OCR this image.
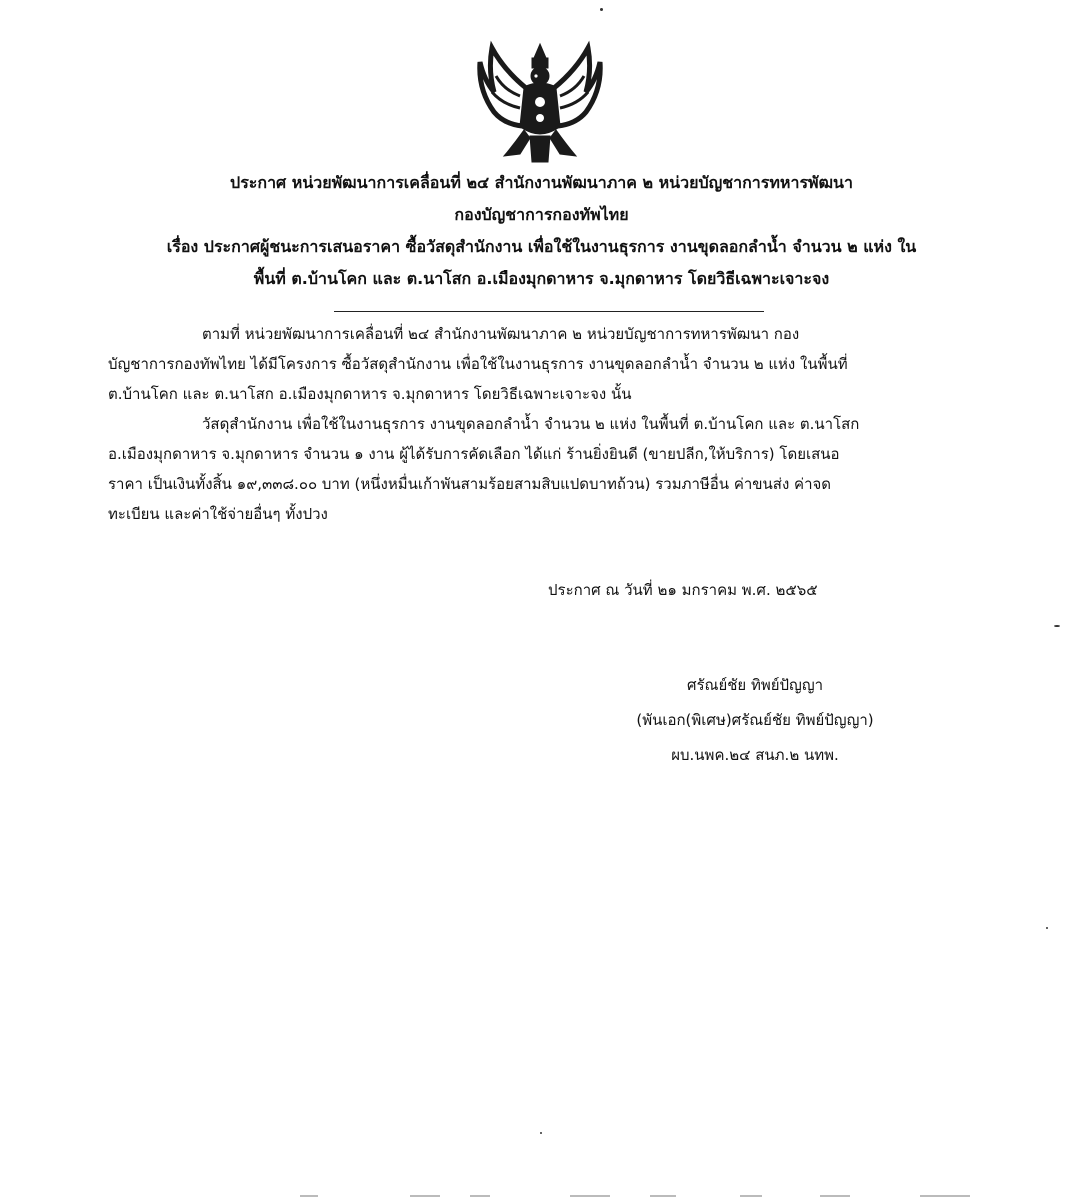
ประกาศ หน่วยพัฒนาการเคลื่อนที่ ๒๔ สำนักงานพัฒนาภาค ๒ หน่วยบัญชาการทหารพัฒนา
กองบัญชาการกองทัพไทย
เรื่อง ประกาศผู้ชนะการเสนอราคา ซื้อวัสดุสำนักงาน เพื่อใช้ในงานธุรการ งานขุดลอกลำน้ำ จำนวน ๒ แห่ง ใน
พื้นที่ ต.บ้านโคก และ ต.นาโสก อ.เมืองมุกดาหาร จ.มุกดาหาร โดยวิธีเฉพาะเจาะจง
ตามที่ หน่วยพัฒนาการเคลื่อนที่ ๒๔ สำนักงานพัฒนาภาค ๒ หน่วยบัญชาการทหารพัฒนา กอง
บัญชาการกองทัพไทย ได้มีโครงการ ซื้อวัสดุสำนักงาน เพื่อใช้ในงานธุรการ งานขุดลอกลำน้ำ จำนวน ๒ แห่ง ในพื้นที่
ต.บ้านโคก และ ต.นาโสก อ.เมืองมุกดาหาร จ.มุกดาหาร โดยวิธีเฉพาะเจาะจง นั้น
วัสดุสำนักงาน เพื่อใช้ในงานธุรการ งานขุดลอกลำน้ำ จำนวน ๒ แห่ง ในพื้นที่ ต.บ้านโคก และ ต.นาโสก
อ.เมืองมุกดาหาร จ.มุกดาหาร จำนวน ๑ งาน ผู้ได้รับการคัดเลือก ได้แก่ ร้านยิ่งยินดี (ขายปลีก,ให้บริการ) โดยเสนอ
ราคา เป็นเงินทั้งสิ้น ๑๙,๓๓๘.๐๐ บาท (หนึ่งหมื่นเก้าพันสามร้อยสามสิบแปดบาทถ้วน) รวมภาษีอื่น ค่าขนส่ง ค่าจด
ทะเบียน และค่าใช้จ่ายอื่นๆ ทั้งปวง
ประกาศ ณ วันที่ ๒๑ มกราคม พ.ศ. ๒๕๖๕
ศรัณย์ชัย ทิพย์ปัญญา
(พันเอก(พิเศษ)ศรัณย์ชัย ทิพย์ปัญญา)
ผบ.นพค.๒๔ สนภ.๒ นทพ.
